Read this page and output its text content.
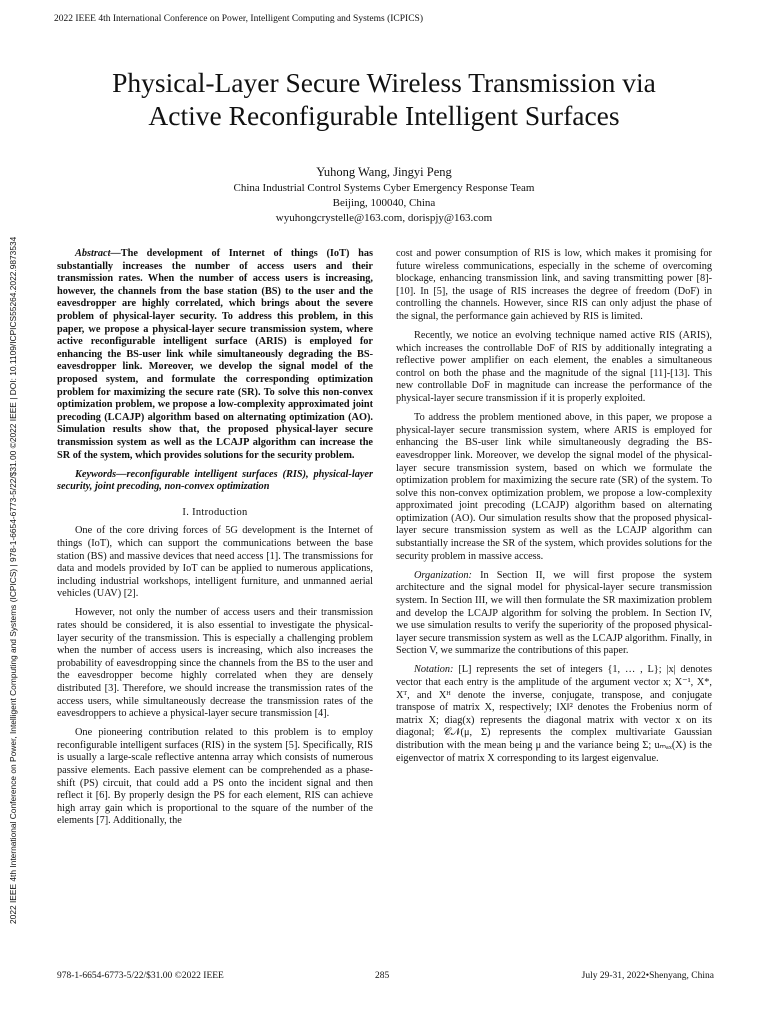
2022 IEEE 4th International Conference on Power, Intelligent Computing and Systems (ICPICS)
2022 IEEE 4th International Conference on Power, Intelligent Computing and Systems (ICPICS) | 978-1-6654-6773-5/22/$31.00 ©2022 IEEE | DOI: 10.1109/ICPICS55264.2022.9873534
Physical-Layer Secure Wireless Transmission via
Active Reconfigurable Intelligent Surfaces
Yuhong Wang, Jingyi Peng
China Industrial Control Systems Cyber Emergency Response Team
Beijing, 100040, China
wyuhongcrystelle@163.com, dorispjy@163.com

Abstract—The development of Internet of things (IoT) has substantially increases the number of access users and their transmission rates. When the number of access users is increasing, however, the channels from the base station (BS) to the user and the eavesdropper are highly correlated, which brings about the severe problem of physical-layer security. To address this problem, in this paper, we propose a physical-layer secure transmission system, where active reconfigurable intelligent surface (ARIS) is employed for enhancing the BS-user link while simultaneously degrading the BS-eavesdropper link. Moreover, we develop the signal model of the proposed system, and formulate the corresponding optimization problem for maximizing the secure rate (SR). To solve this non-convex optimization problem, we propose a low-complexity approximated joint precoding (LCAJP) algorithm based on alternating optimization (AO). Simulation results show that, the proposed physical-layer secure transmission system as well as the LCAJP algorithm can increase the SR of the system, which provides solutions for the security problem.

Keywords—reconfigurable intelligent surfaces (RIS), physical-layer security, joint precoding, non-convex optimization

I. Introduction

One of the core driving forces of 5G development is the Internet of things (IoT), which can support the communications between the base station (BS) and massive devices that need access [1]. The transmissions for data and models provided by IoT can be applied to numerous applications, including industrial workshops, intelligent furniture, and unmanned aerial vehicles (UAV) [2].

However, not only the number of access users and their transmission rates should be considered, it is also essential to investigate the physical-layer security of the transmission. This is especially a challenging problem when the number of access users is increasing, which also increases the probability of eavesdropping since the channels from the BS to the user and the eavesdropper become highly correlated when they are densely distributed [3]. Therefore, we should increase the transmission rates of the access users, while simultaneously decrease the transmission rates of the eavesdroppers to achieve a physical-layer secure transmission [4].

One pioneering contribution related to this problem is to employ reconfigurable intelligent surfaces (RIS) in the system [5]. Specifically, RIS is usually a large-scale reflective antenna array which consists of numerous passive elements. Each passive element can be comprehended as a phase-shift (PS) circuit, that could add a PS onto the incident signal and then reflect it [6]. By properly design the PS for each element, RIS can achieve high array gain which is proportional to the square of the number of the elements [7]. Additionally, the

cost and power consumption of RIS is low, which makes it promising for future wireless communications, especially in the scheme of overcoming blockage, enhancing transmission link, and saving transmitting power [8]-[10]. In [5], the usage of RIS increases the degree of freedom (DoF) in controlling the channels. However, since RIS can only adjust the phase of the signal, the performance gain achieved by RIS is limited.

Recently, we notice an evolving technique named active RIS (ARIS), which increases the controllable DoF of RIS by additionally integrating a reflective power amplifier on each element, the enables a simultaneous control on both the phase and the magnitude of the signal [11]-[13]. This new controllable DoF in magnitude can increase the performance of the physical-layer secure transmission if it is properly exploited.

To address the problem mentioned above, in this paper, we propose a physical-layer secure transmission system, where ARIS is employed for enhancing the BS-user link while simultaneously degrading the BS-eavesdropper link. Moreover, we develop the signal model of the physical-layer secure transmission system, based on which we formulate the optimization problem for maximizing the secure rate (SR) of the system. To solve this non-convex optimization problem, we propose a low-complexity approximated joint precoding (LCAJP) algorithm based on alternating optimization (AO). Our simulation results show that the proposed physical-layer secure transmission system as well as the LCAJP algorithm can substantially increase the SR of the system, which provides solutions for the security problem in massive access.

Organization: In Section II, we will first propose the system architecture and the signal model for physical-layer secure transmission system. In Section III, we will then formulate the SR maximization problem and develop the LCAJP algorithm for solving the problem. In Section IV, we use simulation results to verify the superiority of the proposed physical-layer secure transmission system as well as the LCAJP algorithm. Finally, in Section V, we summarize the contributions of this paper.

Notation: [L] represents the set of integers {1, … , L}; |x| denotes vector that each entry is the amplitude of the argument vector x; X⁻¹, X*, Xᵀ, and Xᴴ denote the inverse, conjugate, transpose, and conjugate transpose of matrix X, respectively; ‖X‖² denotes the Frobenius norm of matrix X; diag(x) represents the diagonal matrix with vector x on its diagonal; 𝒞𝒩(μ, Σ) represents the complex multivariate Gaussian distribution with the mean being μ and the variance being Σ; uₘₐₓ(X) is the eigenvector of matrix X corresponding to its largest eigenvalue.

978-1-6654-6773-5/22/$31.00 ©2022 IEEE	285	July 29-31, 2022•Shenyang, China
